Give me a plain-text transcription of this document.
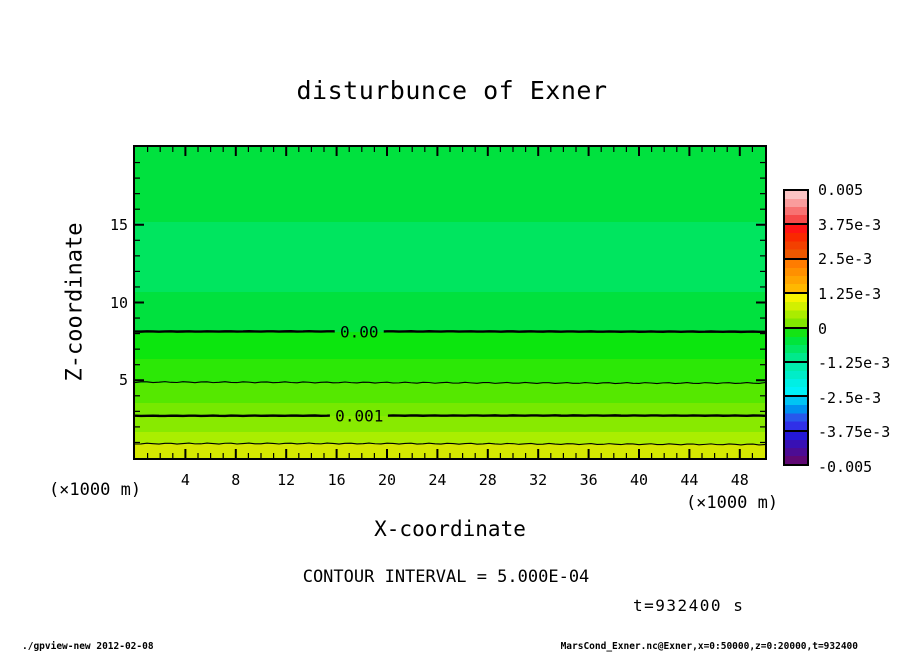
disturbunce of Exner
Z-coordinate	0.00
0.001
5
10
15
4	8 12 16 20 24 28 32 36 40 44 48
(×1000 m)
(×1000 m)
X-coordinate
CONTOUR INTERVAL = 5.000E-04
t=932400 s
./gpview-new 2012-02-08	MarsCond_Exner.nc@Exner,x=0:50000,z=0:20000,t=932400
0.005
3.75e-3
2.5e-3
1.25e-3
0
-1.25e-3
-2.5e-3
-3.75e-3
-0.005
